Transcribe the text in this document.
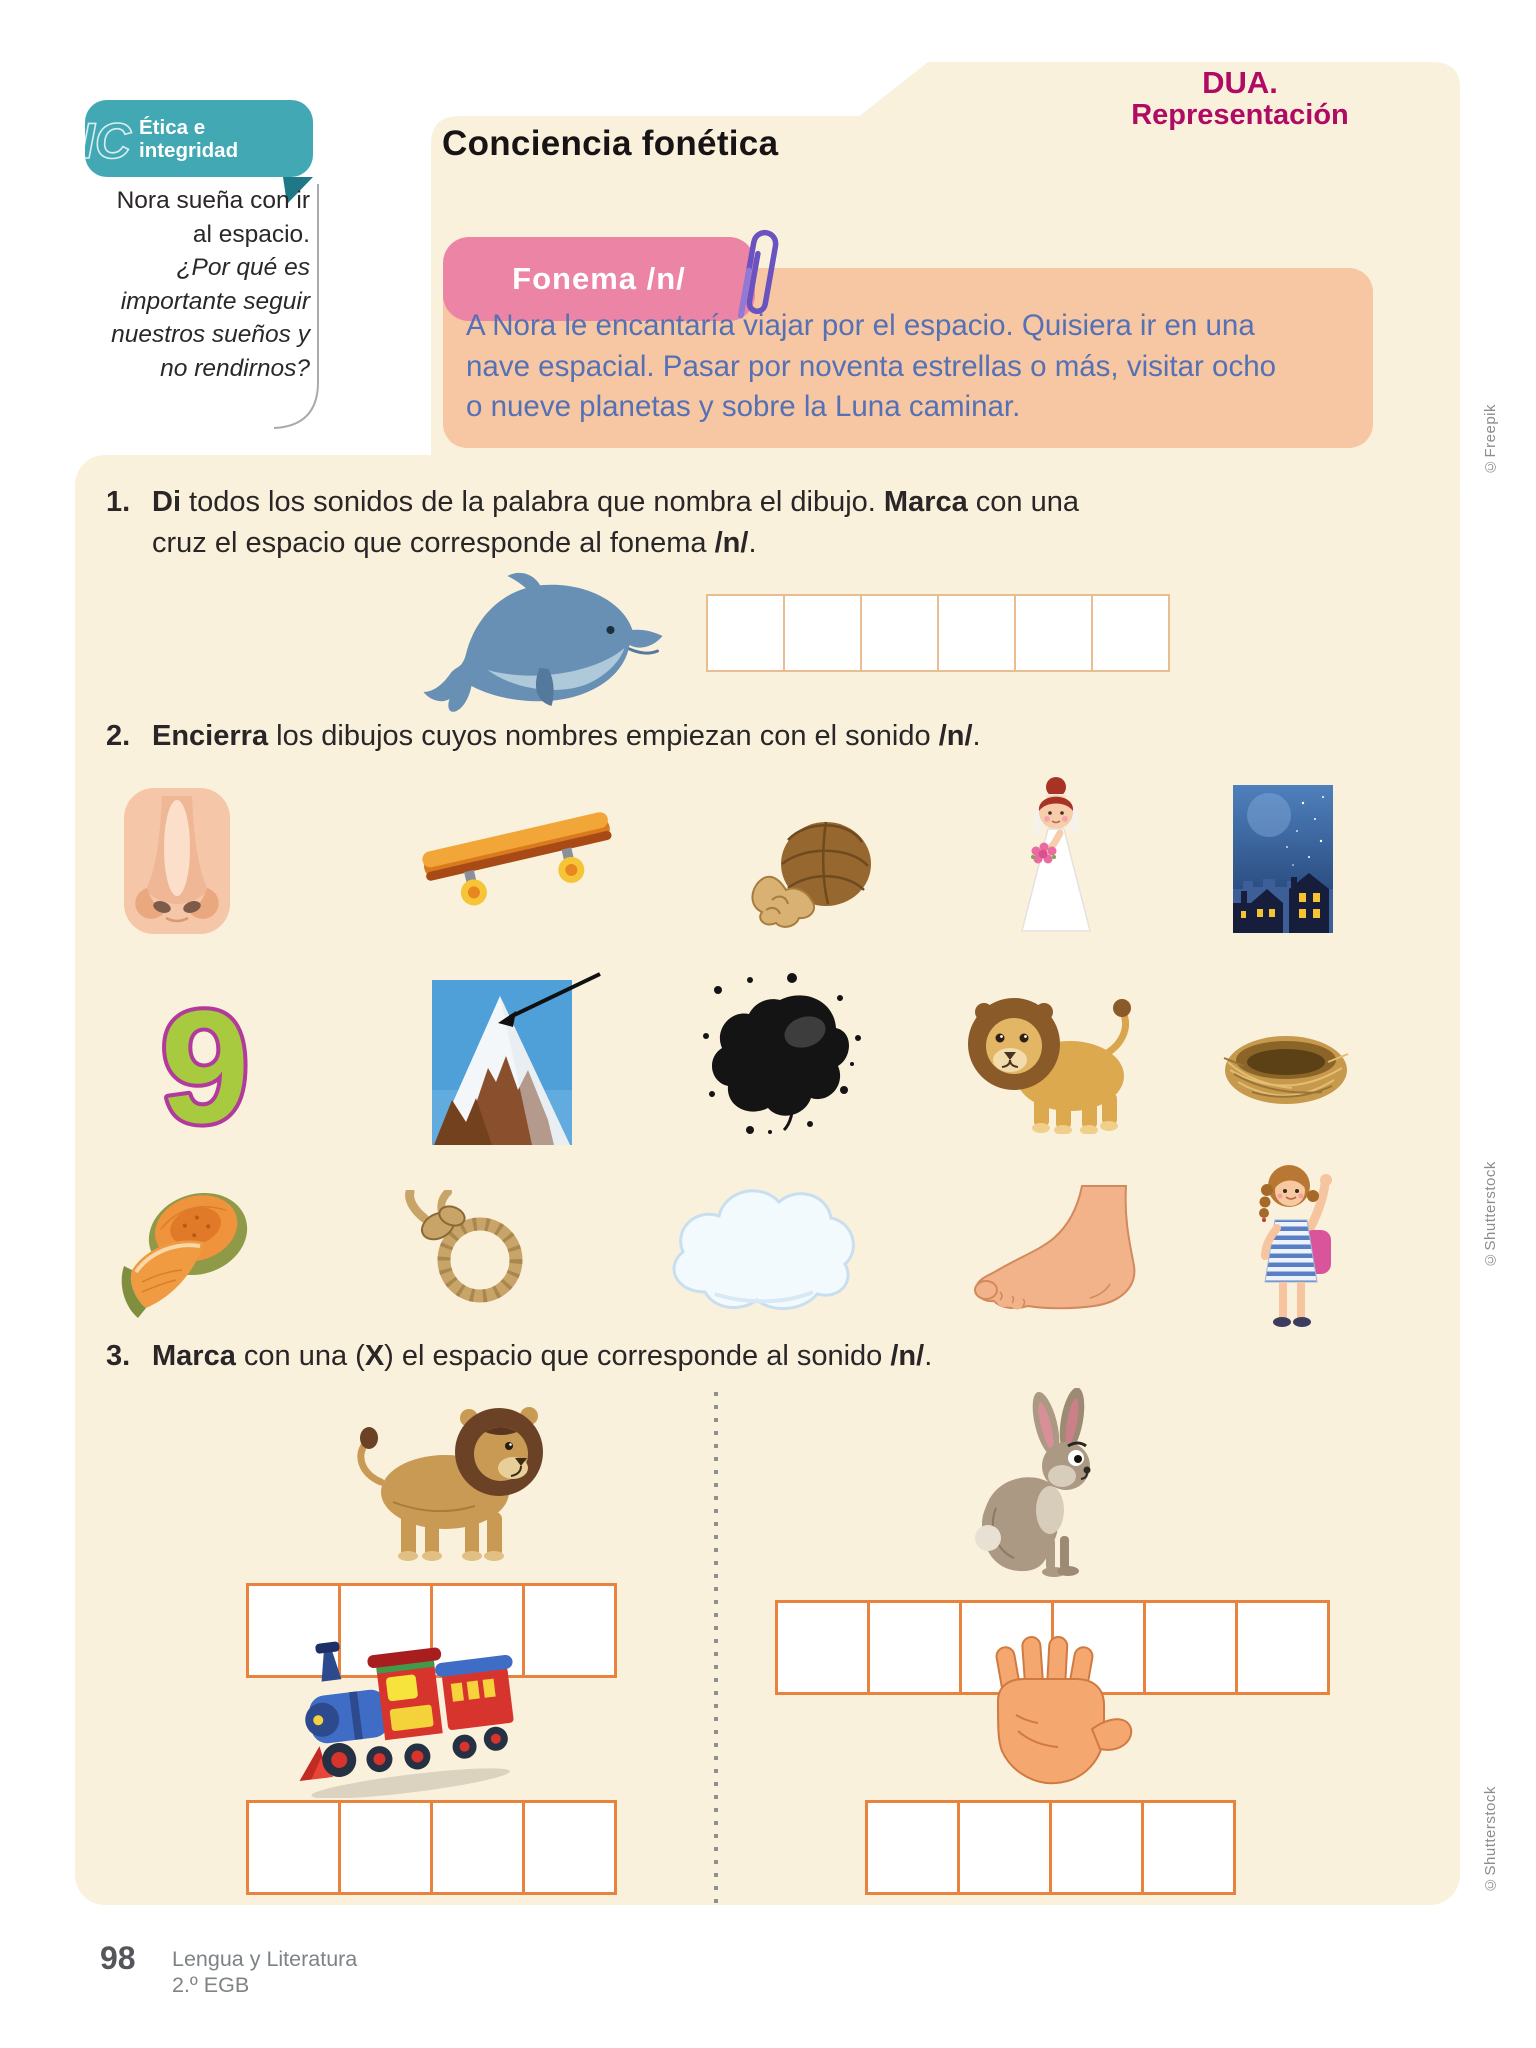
DUA.
Representación
IC Ética e integridad
Nora sueña con ir
al espacio.
¿Por qué es
importante seguir
nuestros sueños y
no rendirnos?
Conciencia fonética
Fonema /n/
A Nora le encantaría viajar por el espacio. Quisiera ir en una
nave espacial. Pasar por noventa estrellas o más, visitar ocho
o nueve planetas y sobre la Luna caminar.
1. Di todos los sonidos de la palabra que nombra el dibujo. Marca con una
cruz el espacio que corresponde al fonema /n/.
2. Encierra los dibujos cuyos nombres empiezan con el sonido /n/.
9
3. Marca con una (X) el espacio que corresponde al sonido /n/.
©Freepik
©Shutterstock
©Shutterstock
98 Lengua y Literatura
2.º EGB
